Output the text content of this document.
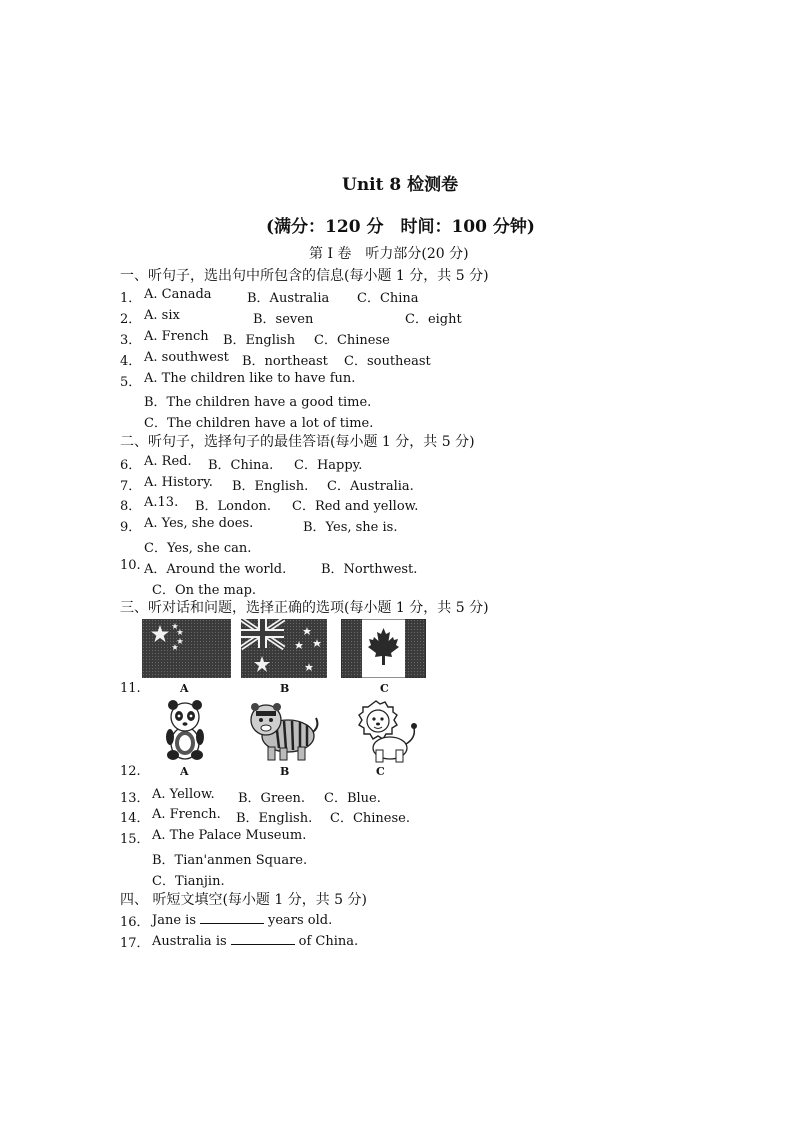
Unit 8 检测卷
(满分：120 分　时间：100 分钟)
第 I 卷　听力部分(20 分)
一、听句子，选出句中所包含的信息(每小题 1 分，共 5 分)
1． A. Canada	B．Australia C．China
2． A. six	B．seven	C．eight
3． A. French B．English C．Chinese
4． A. southwest B．northeast C．southeast
5． A. The children like to have fun.
B．The children have a good time.
C．The children have a lot of time.
二、听句子，选择句子的最佳答语(每小题 1 分，共 5 分)
6． A. Red. B．China. C．Happy.
7． A. History. B．English. C．Australia.
8． A.13. B．London. C．Red and yellow.
9． A. Yes, she does.	B．Yes, she is.
C．Yes, she can.
10. A．Around the world.	B．Northwest.
C．On the map.
三、听对话和问题，选择正确的选项(每小题 1 分，共 5 分)
11.	A	B	C
12.	A	B	C
13． A. Yellow. B．Green. C．Blue.
14． A. French. B．English. C．Chinese.
15． A. The Palace Museum.
B．Tian'anmen Square.
C．Tianjin.
四、 听短文填空(每小题 1 分，共 5 分)
16． Jane is	years old.
17． Australia is	of China.
